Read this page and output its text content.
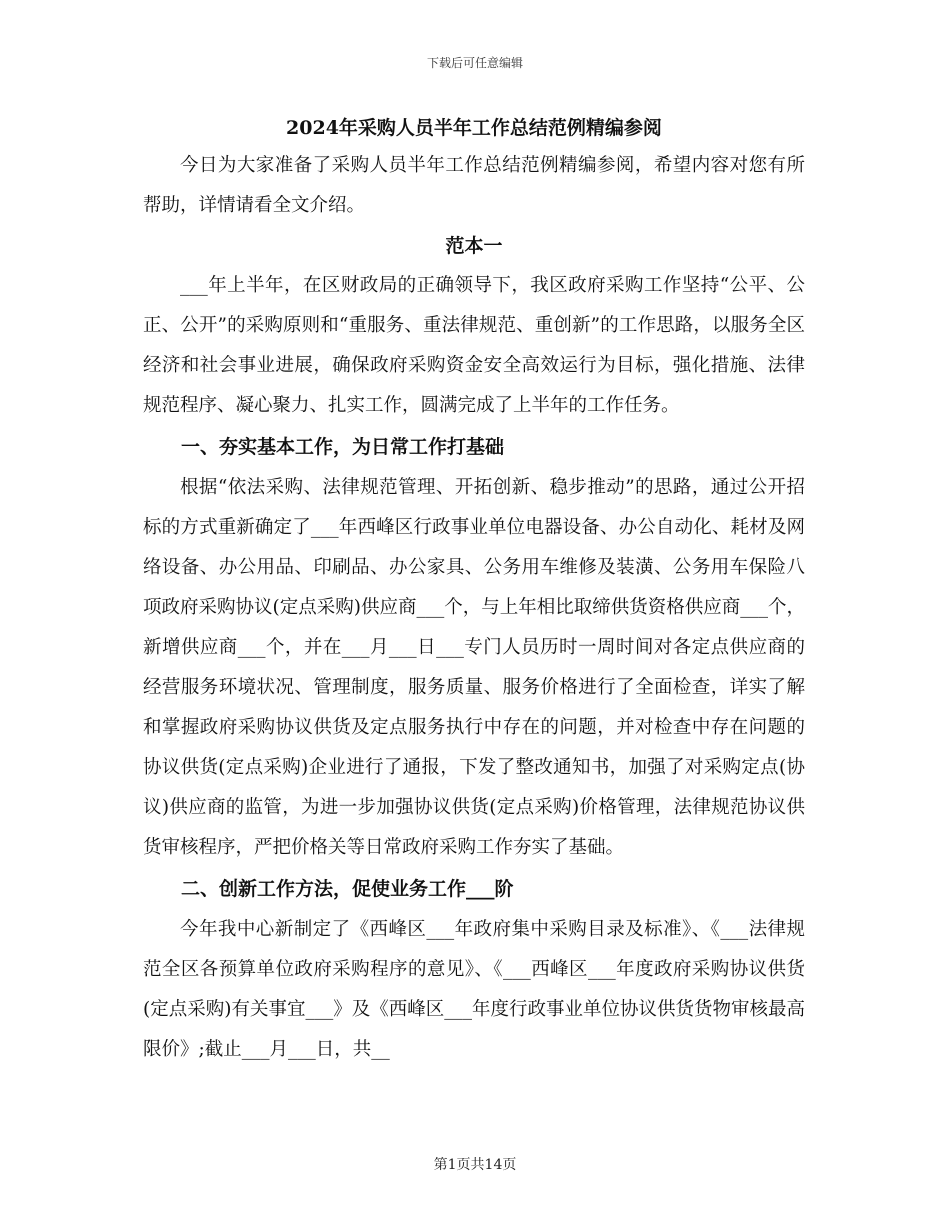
下载后可任意编辑
2024年采购人员半年工作总结范例精编参阅

今日为大家准备了采购人员半年工作总结范例精编参阅，希望内容对您有所帮助，详情请看全文介绍。

范本一

___年上半年，在区财政局的正确领导下，我区政府采购工作坚持“公平、公正、公开”的采购原则和“重服务、重法律规范、重创新”的工作思路，以服务全区经济和社会事业进展，确保政府采购资金安全高效运行为目标，强化措施、法律规范程序、凝心聚力、扎实工作，圆满完成了上半年的工作任务。

一、夯实基本工作，为日常工作打基础

根据“依法采购、法律规范管理、开拓创新、稳步推动”的思路，通过公开招标的方式重新确定了___年西峰区行政事业单位电器设备、办公自动化、耗材及网络设备、办公用品、印刷品、办公家具、公务用车维修及装潢、公务用车保险八项政府采购协议(定点采购)供应商___个，与上年相比取缔供货资格供应商___个，新增供应商___个，并在___月___日___专门人员历时一周时间对各定点供应商的经营服务环境状况、管理制度，服务质量、服务价格进行了全面检查，详实了解和掌握政府采购协议供货及定点服务执行中存在的问题，并对检查中存在问题的协议供货(定点采购)企业进行了通报，下发了整改通知书，加强了对采购定点(协议)供应商的监管，为进一步加强协议供货(定点采购)价格管理，法律规范协议供货审核程序，严把价格关等日常政府采购工作夯实了基础。

二、创新工作方法，促使业务工作___阶

今年我中心新制定了《西峰区___年政府集中采购目录及标准》、《___法律规范全区各预算单位政府采购程序的意见》、《___西峰区___年度政府采购协议供货(定点采购)有关事宜___》及《西峰区___年度行政事业单位协议供货货物审核最高限价》;截止___月___日，共__

第1页共14页
